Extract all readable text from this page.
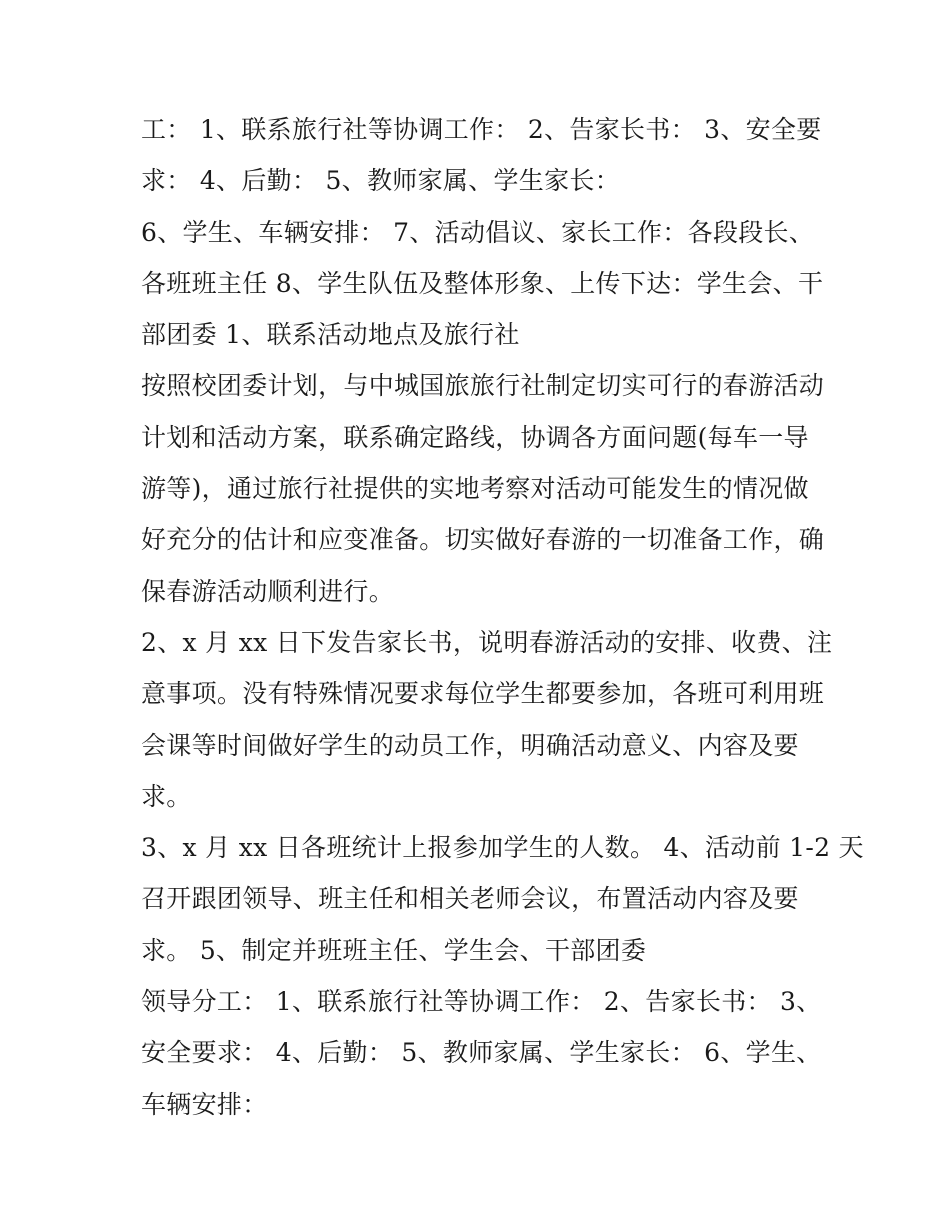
工： 1、联系旅行社等协调工作： 2、告家长书： 3、安全要
求： 4、后勤： 5、教师家属、学生家长：
6、学生、车辆安排： 7、活动倡议、家长工作：各段段长、
各班班主任 8、学生队伍及整体形象、上传下达：学生会、干
部团委 1、联系活动地点及旅行社
按照校团委计划，与中城国旅旅行社制定切实可行的春游活动
计划和活动方案，联系确定路线，协调各方面问题(每车一导
游等)，通过旅行社提供的实地考察对活动可能发生的情况做
好充分的估计和应变准备。切实做好春游的一切准备工作，确
保春游活动顺利进行。
2、x 月 xx 日下发告家长书，说明春游活动的安排、收费、注
意事项。没有特殊情况要求每位学生都要参加，各班可利用班
会课等时间做好学生的动员工作，明确活动意义、内容及要
求。
3、x 月 xx 日各班统计上报参加学生的人数。 4、活动前 1-2 天
召开跟团领导、班主任和相关老师会议，布置活动内容及要
求。 5、制定并班班主任、学生会、干部团委
领导分工： 1、联系旅行社等协调工作： 2、告家长书： 3、
安全要求： 4、后勤： 5、教师家属、学生家长： 6、学生、
车辆安排：
